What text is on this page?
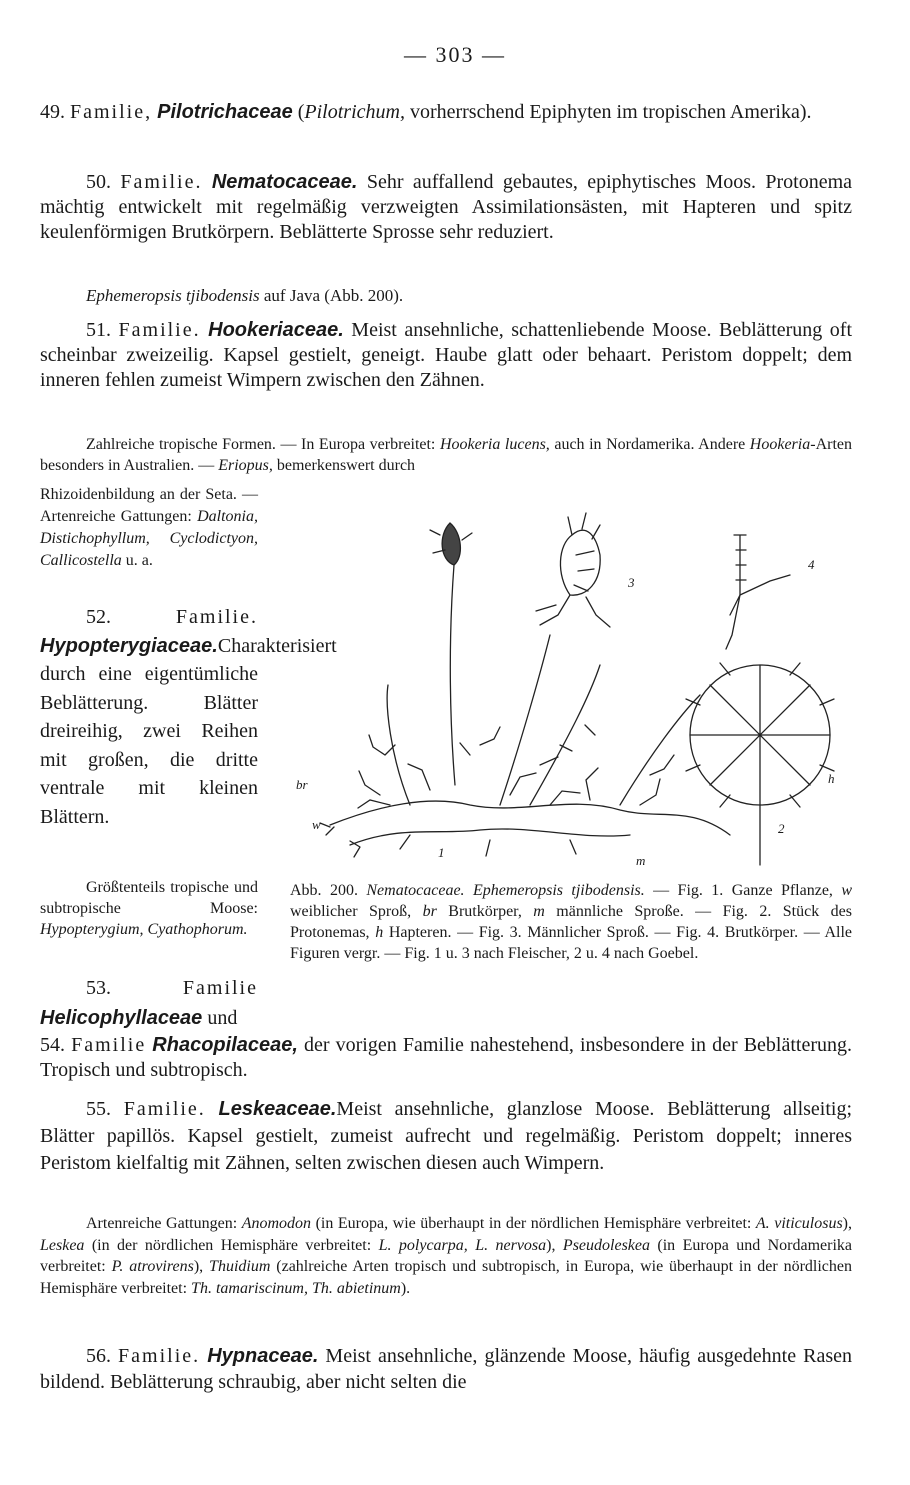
— 303 —

49. Familie, Pilotrichaceae (Pilotrichum, vorherrschend Epiphyten im tropischen Amerika).

50. Familie. Nematocaceae. Sehr auffallend gebautes, epiphytisches Moos. Protonema mächtig entwickelt mit regelmäßig verzweigten Assimilationsästen, mit Hapteren und spitz keulenförmigen Brutkörpern. Beblätterte Sprosse sehr reduziert.

Ephemeropsis tjibodensis auf Java (Abb. 200).

51. Familie. Hookeriaceae. Meist ansehnliche, schattenliebende Moose. Beblätterung oft scheinbar zweizeilig. Kapsel gestielt, geneigt. Haube glatt oder behaart. Peristom doppelt; dem inneren fehlen zumeist Wimpern zwischen den Zähnen.

Zahlreiche tropische Formen. — In Europa verbreitet: Hookeria lucens, auch in Nordamerika. Andere Hookeria-Arten besonders in Australien. — Eriopus, bemerkenswert durch

Rhizoidenbildung an der Seta. — Artenreiche Gattungen: Daltonia, Distichophyllum, Cyclodictyon, Callicostella u. a.

52. Familie. Hypopterygiaceae.Charakterisiert durch eine eigentümliche Beblätterung. Blätter dreireihig, zwei Reihen mit großen, die dritte ventrale mit kleinen Blättern.

Größtenteils tropische und subtropische Moose: Hypopterygium, Cyathophorum.

53. Familie Helicophyllaceae und

1
2
3
4
br
w
m
h

Abb. 200. Nematocaceae. Ephemeropsis tjibodensis. — Fig. 1. Ganze Pflanze, w weiblicher Sproß, br Brutkörper, m männliche Sproße. — Fig. 2. Stück des Protonemas, h Hapteren. — Fig. 3. Männlicher Sproß. — Fig. 4. Brutkörper. — Alle Figuren vergr. — Fig. 1 u. 3 nach Fleischer, 2 u. 4 nach Goebel.

54. Familie Rhacopilaceae, der vorigen Familie nahestehend, insbesondere in der Beblätterung. Tropisch und subtropisch.

55. Familie. Leskeaceae.Meist ansehnliche, glanzlose Moose. Beblätterung allseitig; Blätter papillös. Kapsel gestielt, zumeist aufrecht und regelmäßig. Peristom doppelt; inneres Peristom kielfaltig mit Zähnen, selten zwischen diesen auch Wimpern.

Artenreiche Gattungen: Anomodon (in Europa, wie überhaupt in der nördlichen Hemisphäre verbreitet: A. viticulosus), Leskea (in der nördlichen Hemisphäre verbreitet: L. polycarpa, L. nervosa), Pseudoleskea (in Europa und Nordamerika verbreitet: P. atrovirens), Thuidium (zahlreiche Arten tropisch und subtropisch, in Europa, wie überhaupt in der nördlichen Hemisphäre verbreitet: Th. tamariscinum, Th. abietinum).

56. Familie. Hypnaceae. Meist ansehnliche, glänzende Moose, häufig ausgedehnte Rasen bildend. Beblätterung schraubig, aber nicht selten die
